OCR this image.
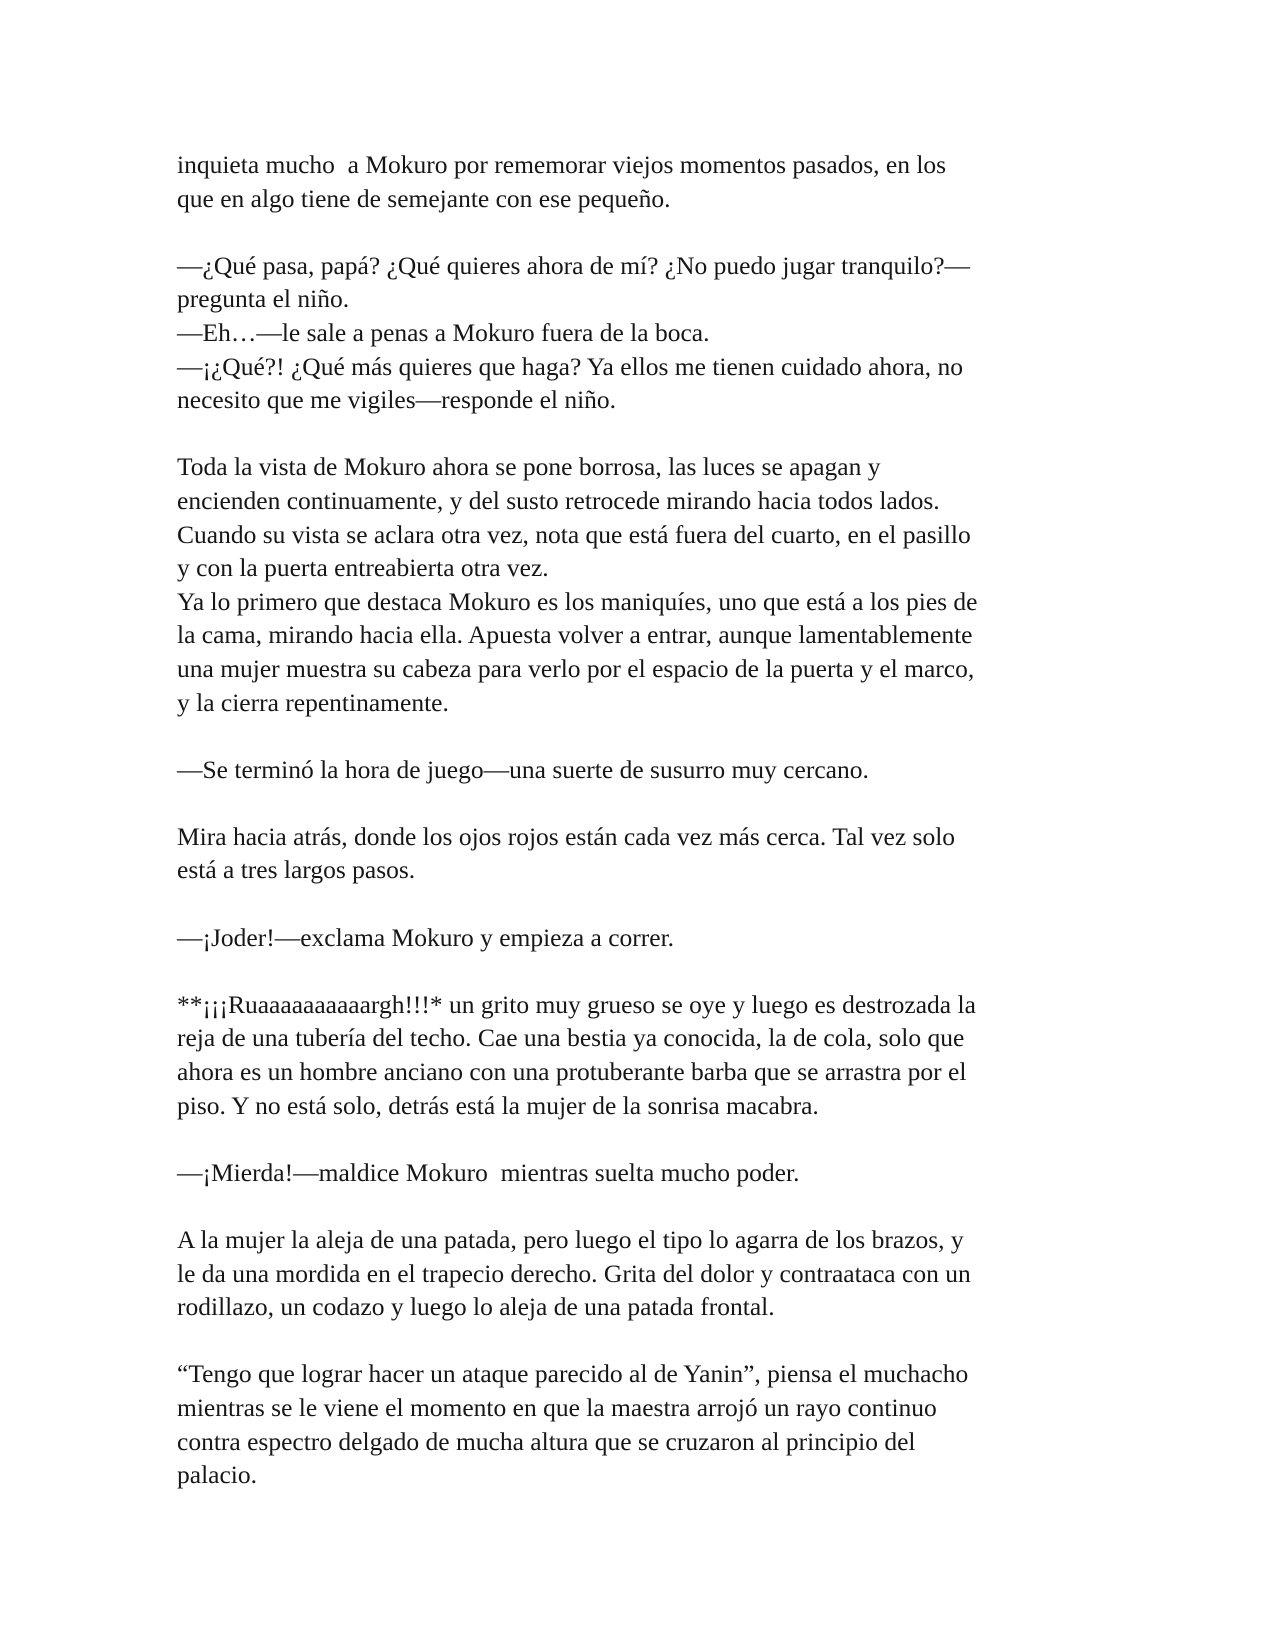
inquieta mucho  a Mokuro por rememorar viejos momentos pasados, en los
que en algo tiene de semejante con ese pequeño.
—¿Qué pasa, papá? ¿Qué quieres ahora de mí? ¿No puedo jugar tranquilo?—
pregunta el niño.
—Eh…—le sale a penas a Mokuro fuera de la boca.
—¡¿Qué?! ¿Qué más quieres que haga? Ya ellos me tienen cuidado ahora, no
necesito que me vigiles—responde el niño.
Toda la vista de Mokuro ahora se pone borrosa, las luces se apagan y
encienden continuamente, y del susto retrocede mirando hacia todos lados.
Cuando su vista se aclara otra vez, nota que está fuera del cuarto, en el pasillo
y con la puerta entreabierta otra vez.
Ya lo primero que destaca Mokuro es los maniquíes, uno que está a los pies de
la cama, mirando hacia ella. Apuesta volver a entrar, aunque lamentablemente
una mujer muestra su cabeza para verlo por el espacio de la puerta y el marco,
y la cierra repentinamente.
—Se terminó la hora de juego—una suerte de susurro muy cercano.
Mira hacia atrás, donde los ojos rojos están cada vez más cerca. Tal vez solo
está a tres largos pasos.
—¡Joder!—exclama Mokuro y empieza a correr.
**¡¡¡Ruaaaaaaaaaargh!!!* un grito muy grueso se oye y luego es destrozada la
reja de una tubería del techo. Cae una bestia ya conocida, la de cola, solo que
ahora es un hombre anciano con una protuberante barba que se arrastra por el
piso. Y no está solo, detrás está la mujer de la sonrisa macabra.
—¡Mierda!—maldice Mokuro  mientras suelta mucho poder.
A la mujer la aleja de una patada, pero luego el tipo lo agarra de los brazos, y
le da una mordida en el trapecio derecho. Grita del dolor y contraataca con un
rodillazo, un codazo y luego lo aleja de una patada frontal.
“Tengo que lograr hacer un ataque parecido al de Yanin”, piensa el muchacho
mientras se le viene el momento en que la maestra arrojó un rayo continuo
contra espectro delgado de mucha altura que se cruzaron al principio del
palacio.
